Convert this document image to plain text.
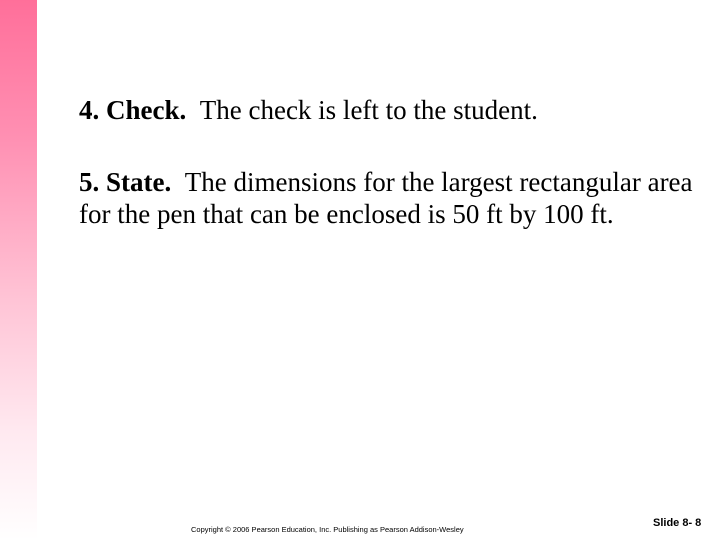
4. Check. The check is left to the student.

5. State. The dimensions for the largest rectangular area for the pen that can be enclosed is 50 ft by 100 ft.

Copyright © 2006 Pearson Education, Inc. Publishing as Pearson Addison-Wesley
Slide 8- 8
